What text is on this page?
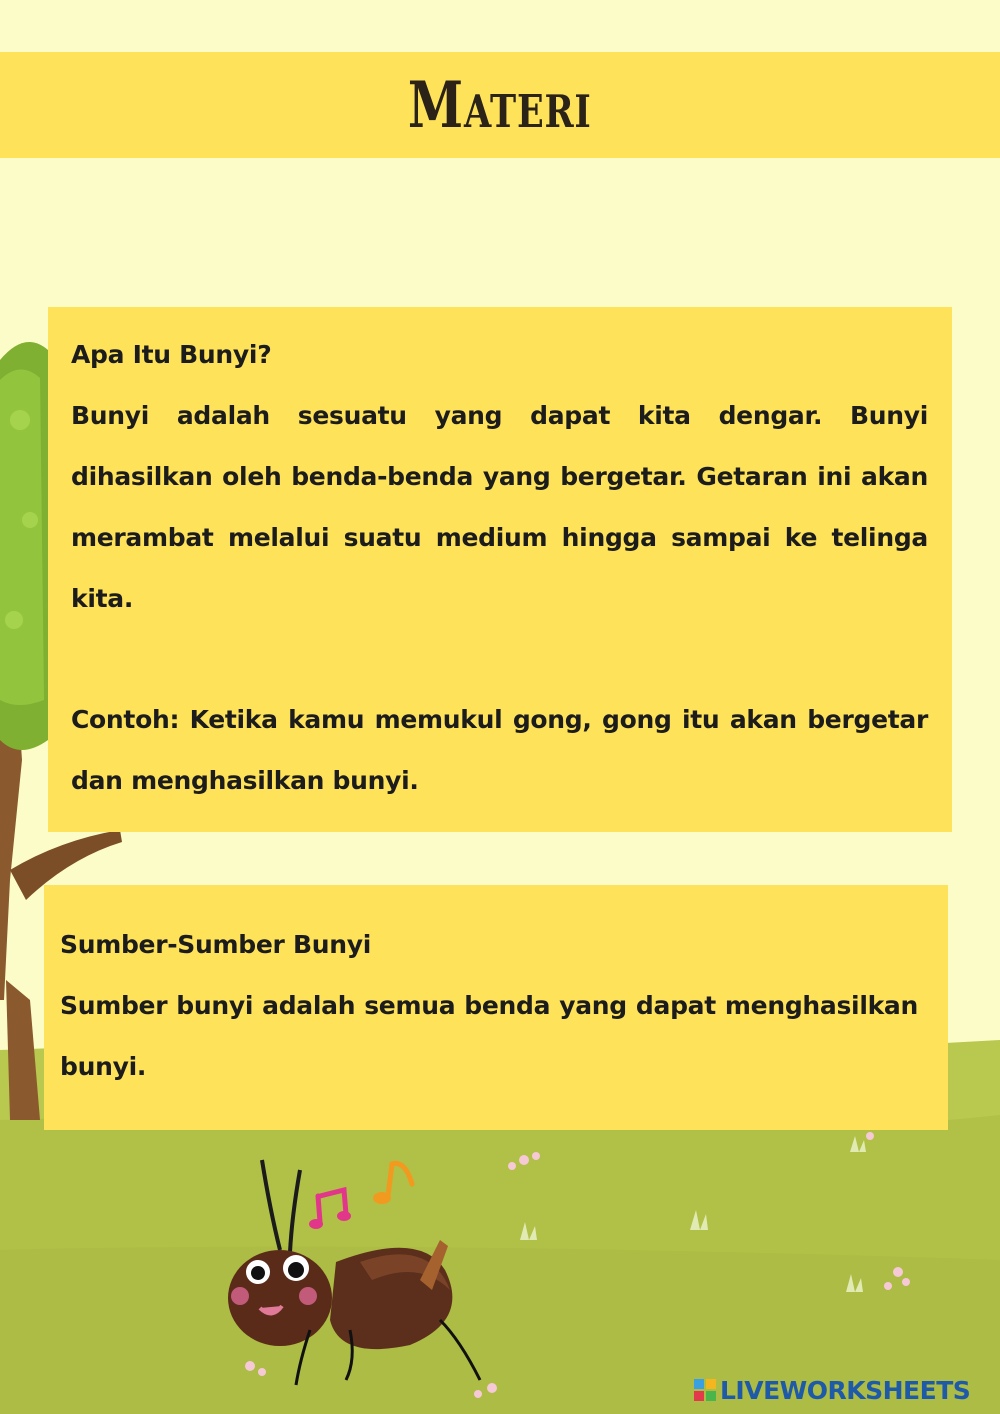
Materi

Apa Itu Bunyi?

Bunyi adalah sesuatu yang dapat kita dengar. Bunyi dihasilkan oleh benda-benda yang bergetar. Getaran ini akan merambat melalui suatu medium hingga sampai ke telinga kita.

Contoh: Ketika kamu memukul gong, gong itu akan bergetar dan menghasilkan bunyi.

Sumber-Sumber Bunyi

Sumber bunyi adalah semua benda yang dapat menghasilkan bunyi.

LIVEWORKSHEETS
